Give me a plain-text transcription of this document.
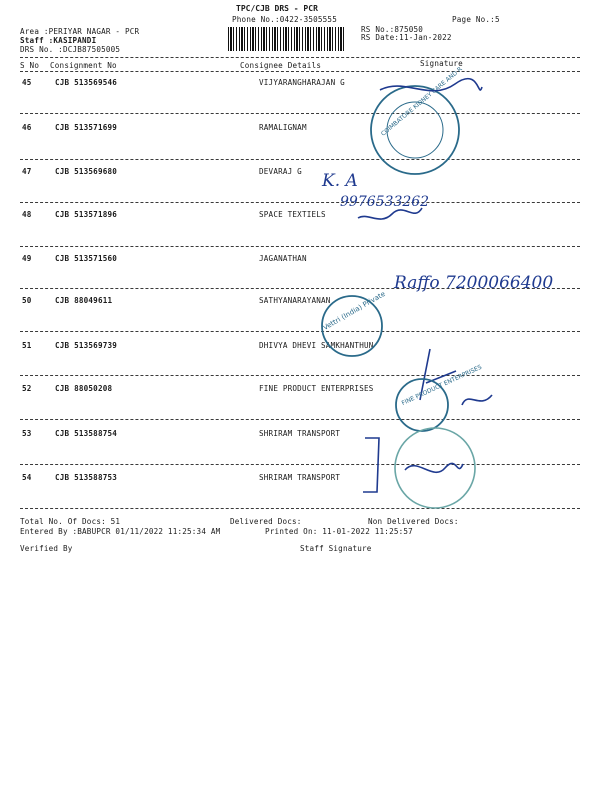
TPC/CJB DRS - PCR
Phone No.:0422-3505555	Page No.:5
Area :PERIYAR NAGAR - PCR
Staff :KASIPANDI
DRS No. :DCJB87505005
RS No.:875050
RS Date:11-Jan-2022
S No Consignment No	Consignee Details	Signature
45	CJB 513569546	VIJYARANGHARAJAN G
46	CJB 513571699	RAMALIGNAM
47	CJB 513569680	DEVARAJ G
48	CJB 513571896	SPACE TEXTIELS
49	CJB 513571560	JAGANATHAN
50	CJB 88049611	SATHYANARAYANAN
51	CJB 513569739	DHIVYA DHEVI SAMKHANTHUN
52	CJB 88050208	FINE PRODUCT ENTERPRISES
53	CJB 513588754	SHRIRAM TRANSPORT
54	CJB 513588753	SHRIRAM TRANSPORT
COIMBATORE KIDNEY CARE AND R
K. A
9976533262
Raffo 7200066400
Vettri (India) Private
FINE PRODUCT ENTERPRISES
Total No. Of Docs: 51	Delivered Docs:	Non Delivered Docs:
Entered By :BABUPCR 01/11/2022 11:25:34 AM	Printed On: 11-01-2022 11:25:57
Verified By	Staff Signature
